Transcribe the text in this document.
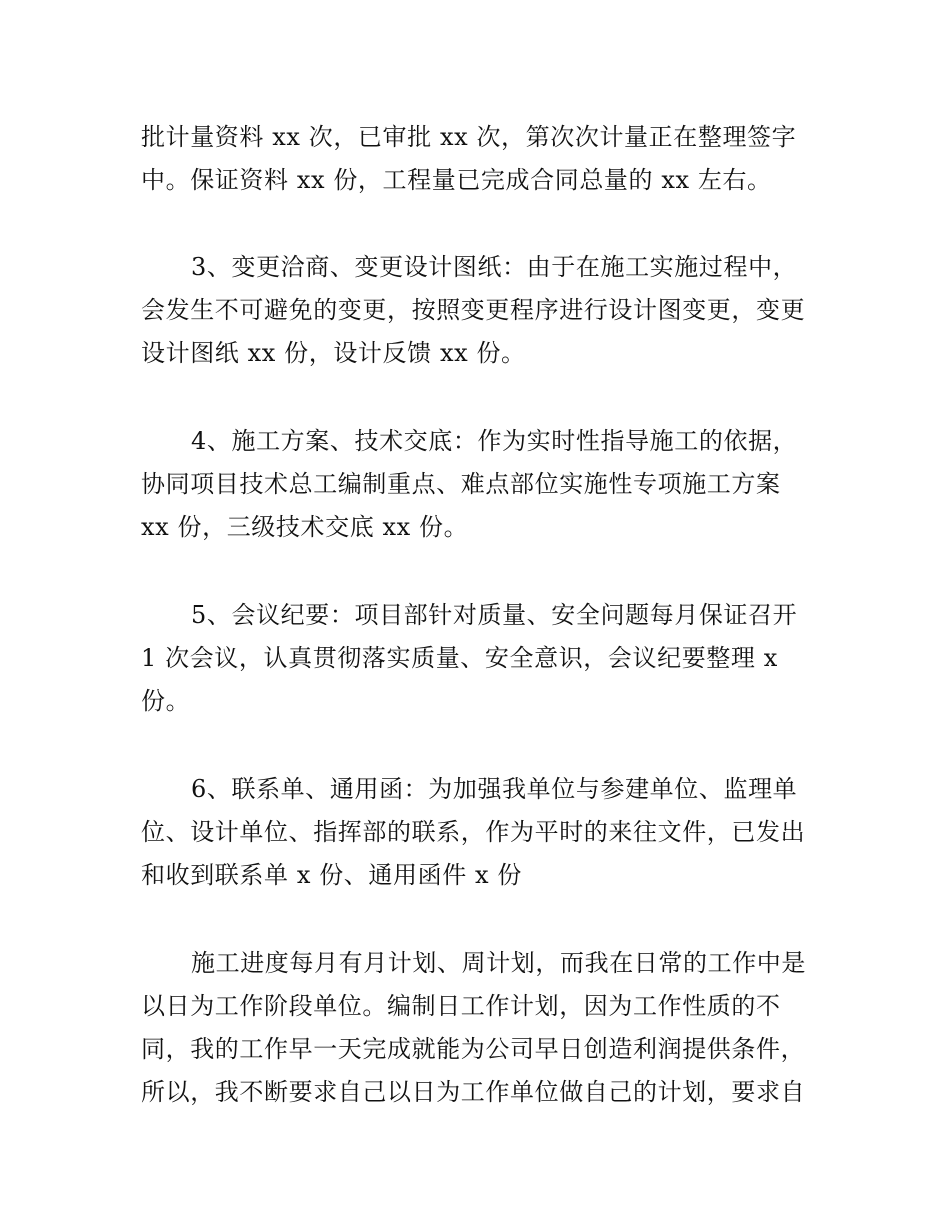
批计量资料 xx 次，已审批 xx 次，第次次计量正在整理签字
中。保证资料 xx 份，工程量已完成合同总量的 xx 左右。

3、变更洽商、变更设计图纸：由于在施工实施过程中，
会发生不可避免的变更，按照变更程序进行设计图变更，变更
设计图纸 xx 份，设计反馈 xx 份。

4、施工方案、技术交底：作为实时性指导施工的依据，
协同项目技术总工编制重点、难点部位实施性专项施工方案
xx 份，三级技术交底 xx 份。

5、会议纪要：项目部针对质量、安全问题每月保证召开
1 次会议，认真贯彻落实质量、安全意识，会议纪要整理 x
份。

6、联系单、通用函：为加强我单位与参建单位、监理单
位、设计单位、指挥部的联系，作为平时的来往文件，已发出
和收到联系单 x 份、通用函件 x 份

施工进度每月有月计划、周计划，而我在日常的工作中是
以日为工作阶段单位。编制日工作计划，因为工作性质的不
同，我的工作早一天完成就能为公司早日创造利润提供条件，
所以，我不断要求自己以日为工作单位做自己的计划，要求自
